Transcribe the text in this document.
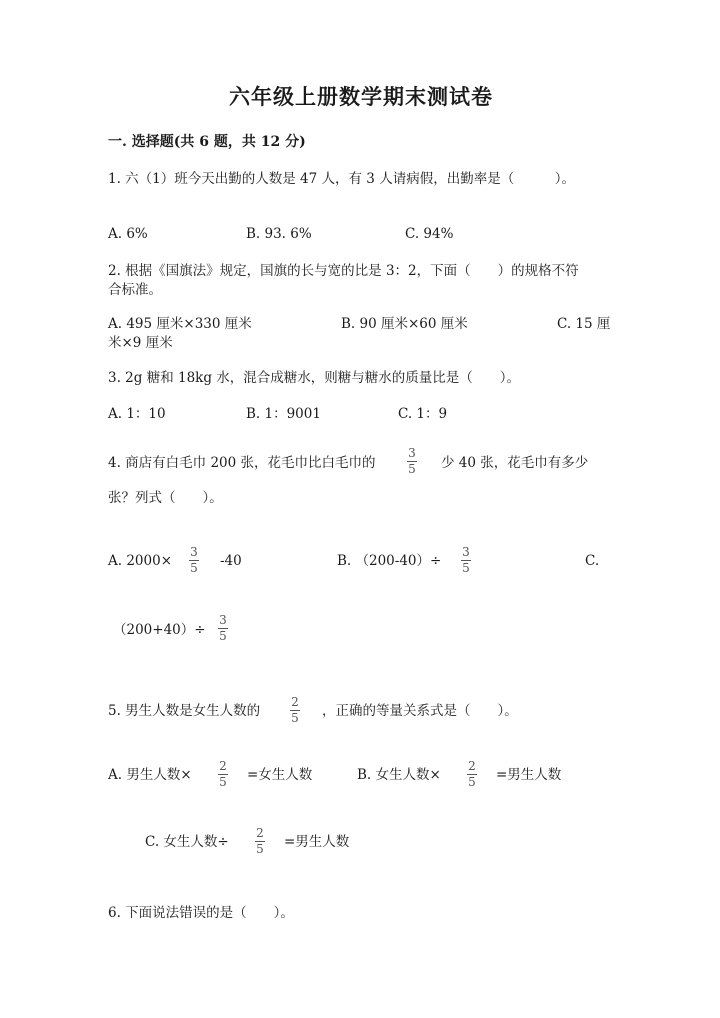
六年级上册数学期末测试卷
一. 选择题(共 6 题，共 12 分)
1. 六（1）班今天出勤的人数是 47 人，有 3 人请病假，出勤率是（　　　）。
A. 6%	B. 93. 6%	C. 94%
2. 根据《国旗法》规定，国旗的长与宽的比是 3：2，下面（　　）的规格不符
合标准。
A. 495 厘米×330 厘米	B. 90 厘米×60 厘米	C. 15 厘
米×9 厘米
3. 2g 糖和 18kg 水，混合成糖水，则糖与糖水的质量比是（　　）。
A. 1：10	B. 1：9001	C. 1：9
4. 商店有白毛巾 200 张，花毛巾比白毛巾的
3
5 少 40 张，花毛巾有多少
张？列式（　　）。
A. 2000×
3
5 -40	B. （200-40）÷
3
5	C.
（200+40）÷
3
5
5. 男生人数是女生人数的
2
5 ，正确的等量关系式是（　　）。
A. 男生人数×
2
5 =女生人数	B. 女生人数×
2
5 =男生人数
C. 女生人数÷
2
5 =男生人数
6. 下面说法错误的是（　　）。
